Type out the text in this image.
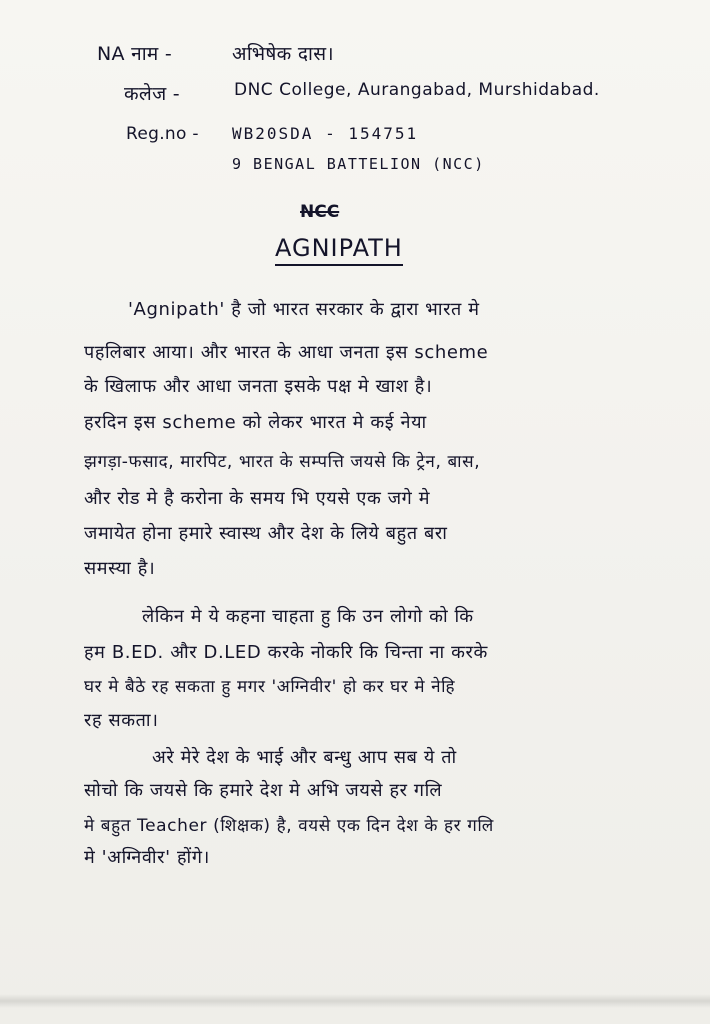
NA नाम -	अभिषेक दास।
कलेज -	DNC College, Aurangabad, Murshidabad.
Reg.no - WB20SDA - 154751
9 BENGAL BATTELION (NCC)
NCC
AGNIPATH
'Agnipath' है जो भारत सरकार के द्वारा भारत मे
पहलिबार आया। और भारत के आधा जनता इस scheme
के खिलाफ और आधा जनता इसके पक्ष मे खाश है।
हरदिन इस scheme को लेकर भारत मे कई नेया
झगड़ा-फसाद, मारपिट, भारत के सम्पत्ति जयसे कि ट्रेन, बास,
और रोड मे है करोना के समय भि एयसे एक जगे मे
जमायेत होना हमारे स्वास्थ और देश के लिये बहुत बरा
समस्या है।
लेकिन मे ये कहना चाहता हु कि उन लोगो को कि
हम B.ED. और D.LED करके नोकरि कि चिन्ता ना करके
घर मे बैठे रह सकता हु मगर 'अग्निवीर' हो कर घर मे नेहि
रह सकता।
अरे मेरे देश के भाई और बन्धु आप सब ये तो
सोचो कि जयसे कि हमारे देश मे अभि जयसे हर गलि
मे बहुत Teacher (शिक्षक) है, वयसे एक दिन देश के हर गलि
मे 'अग्निवीर' होंगे।
